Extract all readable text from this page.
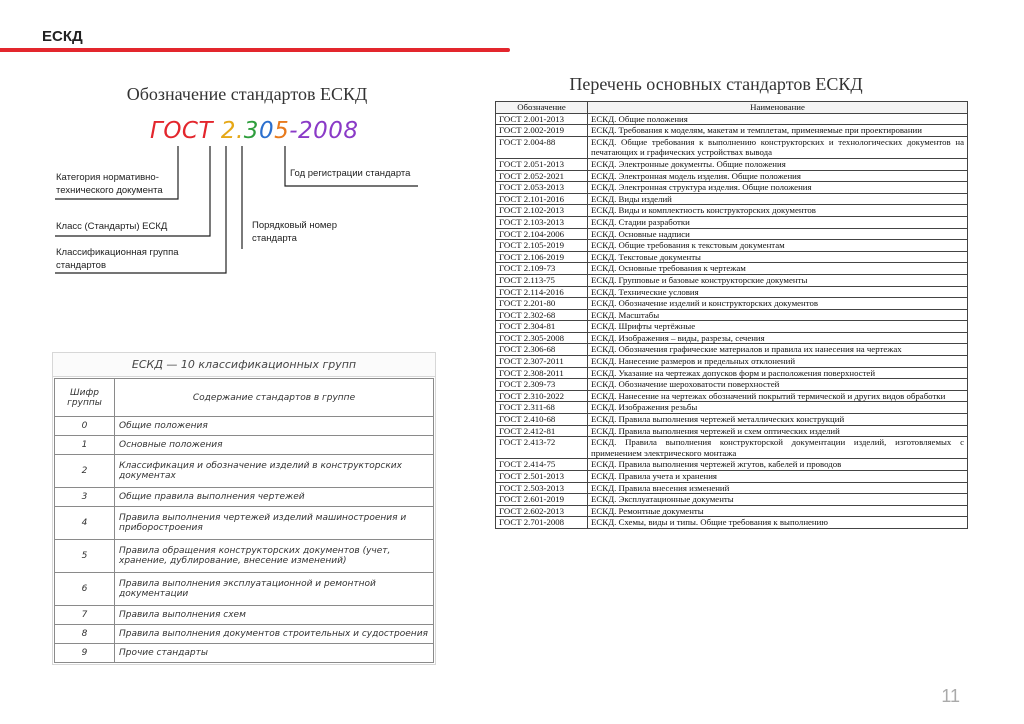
ЕСКД
Обозначение стандартов ЕСКД
ГОСТ 2.305-2008
Категория нормативно-технического документа
Класс (Стандарты) ЕСКД
Классификационная группа стандартов
Порядковый номер стандарта
Год регистрации стандарта
ЕСКД — 10 классификационных групп
Шифр группы	Содержание стандартов в группе
0	Общие положения
1	Основные положения
2	Классификация и обозначение изделий в конструкторских документах
3	Общие правила выполнения чертежей
4	Правила выполнения чертежей изделий машиностроения и приборостроения
5	Правила обращения конструкторских документов (учет, хранение, дублирование, внесение изменений)
6	Правила выполнения эксплуатационной и ремонтной документации
7	Правила выполнения схем
8	Правила выполнения документов строительных и судостроения
9	Прочие стандарты
Перечень основных стандартов ЕСКД
Обозначение	Наименование
ГОСТ 2.001-2013	ЕСКД. Общие положения
ГОСТ 2.002-2019	ЕСКД. Требования к моделям, макетам и темплетам, применяемые при проектировании
ГОСТ 2.004-88	ЕСКД. Общие требования к выполнению конструкторских и технологических документов на печатающих и графических устройствах вывода
ГОСТ 2.051-2013	ЕСКД. Электронные документы. Общие положения
ГОСТ 2.052-2021	ЕСКД. Электронная модель изделия. Общие положения
ГОСТ 2.053-2013	ЕСКД. Электронная структура изделия. Общие положения
ГОСТ 2.101-2016	ЕСКД. Виды изделий
ГОСТ 2.102-2013	ЕСКД. Виды и комплектность конструкторских документов
ГОСТ 2.103-2013	ЕСКД. Стадии разработки
ГОСТ 2.104-2006	ЕСКД. Основные надписи
ГОСТ 2.105-2019	ЕСКД. Общие требования к текстовым документам
ГОСТ 2.106-2019	ЕСКД. Текстовые документы
ГОСТ 2.109-73	ЕСКД. Основные требования к чертежам
ГОСТ 2.113-75	ЕСКД. Групповые и базовые конструкторские документы
ГОСТ 2.114-2016	ЕСКД. Технические условия
ГОСТ 2.201-80	ЕСКД. Обозначение изделий и конструкторских документов
ГОСТ 2.302-68	ЕСКД. Масштабы
ГОСТ 2.304-81	ЕСКД. Шрифты чертёжные
ГОСТ 2.305-2008	ЕСКД. Изображения – виды, разрезы, сечения
ГОСТ 2.306-68	ЕСКД. Обозначения графические материалов и правила их нанесения на чертежах
ГОСТ 2.307-2011	ЕСКД. Нанесение размеров и предельных отклонений
ГОСТ 2.308-2011	ЕСКД. Указание на чертежах допусков форм и расположения поверхностей
ГОСТ 2.309-73	ЕСКД. Обозначение шероховатости поверхностей
ГОСТ 2.310-2022	ЕСКД. Нанесение на чертежах обозначений покрытий термической и других видов обработки
ГОСТ 2.311-68	ЕСКД. Изображения резьбы
ГОСТ 2.410-68	ЕСКД. Правила выполнения чертежей металлических конструкций
ГОСТ 2.412-81	ЕСКД. Правила выполнения чертежей и схем оптических изделий
ГОСТ 2.413-72	ЕСКД. Правила выполнения конструкторской документации изделий, изготовляемых с применением электрического монтажа
ГОСТ 2.414-75	ЕСКД. Правила выполнения чертежей жгутов, кабелей и проводов
ГОСТ 2.501-2013	ЕСКД. Правила учета и хранения
ГОСТ 2.503-2013	ЕСКД. Правила внесения изменений
ГОСТ 2.601-2019	ЕСКД. Эксплуатационные документы
ГОСТ 2.602-2013	ЕСКД. Ремонтные документы
ГОСТ 2.701-2008	ЕСКД. Схемы, виды и типы. Общие требования к выполнению
11
